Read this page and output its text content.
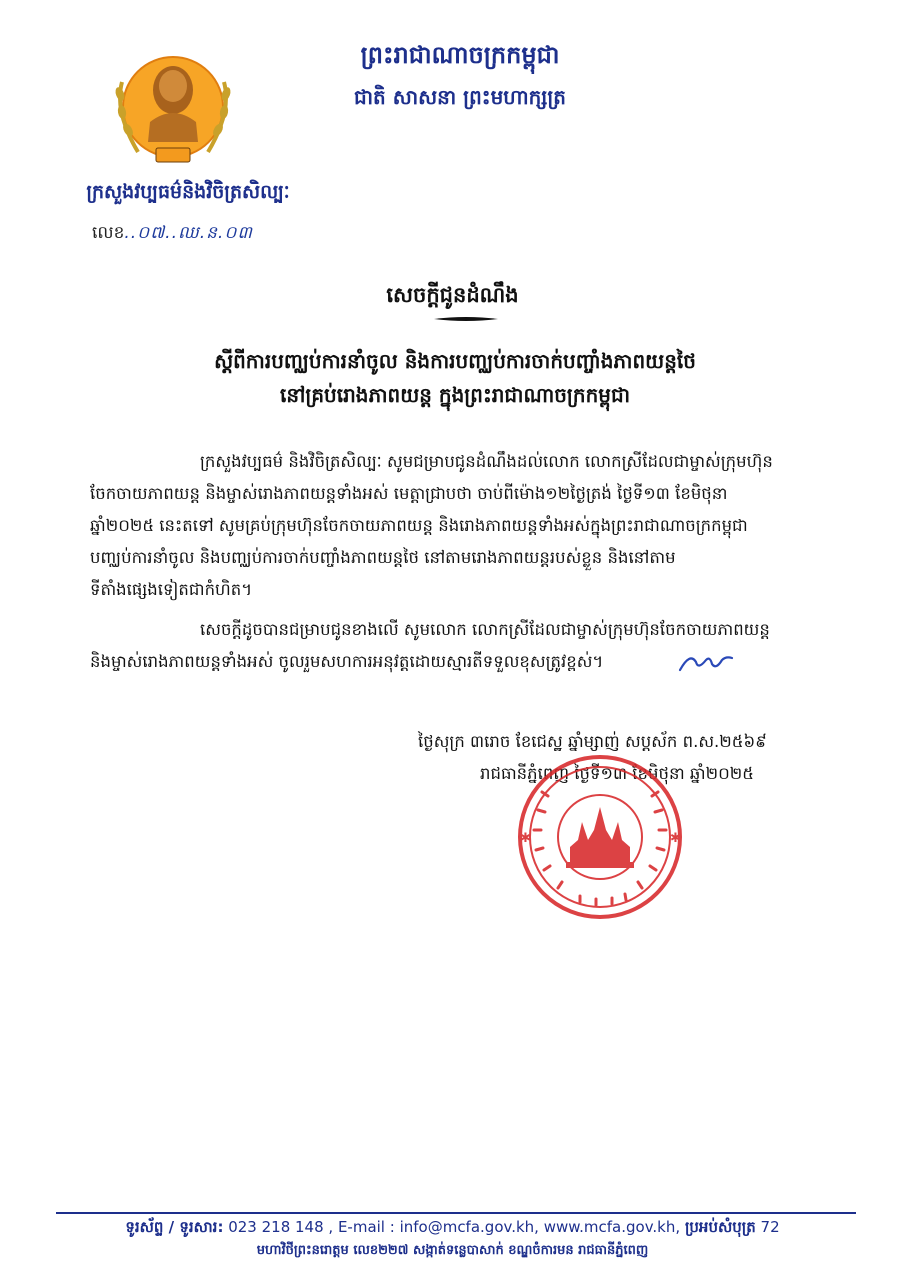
ព្រះរាជាណាចក្រកម្ពុជា
ជាតិ សាសនា ព្រះមហាក្សត្រ
ក្រសួងវប្បធម៌និងវិចិត្រសិល្បៈ
លេខ..០៧..ឈ.ន.០៣
សេចក្តីជូនដំណឹង
ស្តីពីការបញ្ឈប់ការនាំចូល និងការបញ្ឈប់ការចាក់បញ្ចាំងភាពយន្តថៃ
នៅគ្រប់រោងភាពយន្ត ក្នុងព្រះរាជាណាចក្រកម្ពុជា
ក្រសួងវប្បធម៌ និងវិចិត្រសិល្បៈ សូមជម្រាបជូនដំណឹងដល់លោក លោកស្រីដែលជាម្ចាស់ក្រុមហ៊ុន
ចែកចាយភាពយន្ត និងម្ចាស់រោងភាពយន្តទាំងអស់ មេត្តាជ្រាបថា ចាប់ពីម៉ោង១២ថ្ងៃត្រង់ ថ្ងៃទី១៣ ខែមិថុនា
ឆ្នាំ២០២៥ នេះតទៅ សូមគ្រប់ក្រុមហ៊ុនចែកចាយភាពយន្ត និងរោងភាពយន្តទាំងអស់ក្នុងព្រះរាជាណាចក្រកម្ពុជា
បញ្ឈប់ការនាំចូល និងបញ្ឈប់ការចាក់បញ្ចាំងភាពយន្តថៃ នៅតាមរោងភាពយន្តរបស់ខ្លួន និងនៅតាម
ទីតាំងផ្សេងទៀតជាកំហិត។
សេចក្តីដូចបានជម្រាបជូនខាងលើ សូមលោក លោកស្រីដែលជាម្ចាស់ក្រុមហ៊ុនចែកចាយភាពយន្ត
និងម្ចាស់រោងភាពយន្តទាំងអស់ ចូលរួមសហការអនុវត្តដោយស្មារតីទទួលខុសត្រូវខ្ពស់។
ថ្ងៃសុក្រ ៣រោច ខែជេស្ឋ ឆ្នាំម្សាញ់ សប្តស័ក ព.ស.២៥៦៩
រាជធានីភ្នំពេញ ថ្ងៃទី១៣ ខែមិថុនា ឆ្នាំ២០២៥
✱	✱
ទូរស័ព្ទ / ទូរសារ: 023 218 148 , E-mail : info@mcfa.gov.kh, www.mcfa.gov.kh, ប្រអប់សំបុត្រ 72
មហាវិថីព្រះនរោត្តម លេខ២២៧ សង្កាត់ទន្លេបាសាក់ ខណ្ឌចំការមន រាជធានីភ្នំពេញ
